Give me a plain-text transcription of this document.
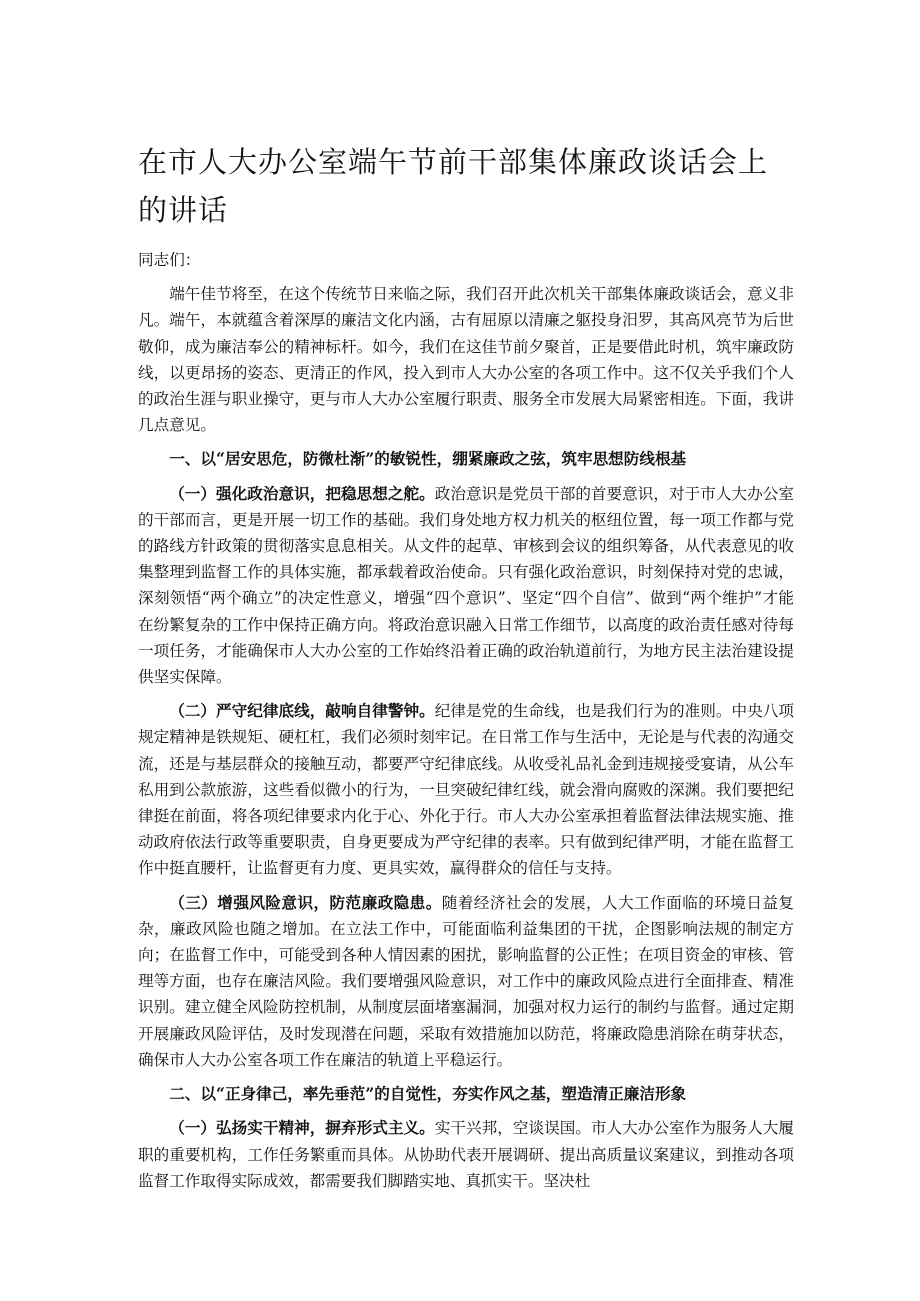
在市人大办公室端午节前干部集体廉政谈话会上的讲话

同志们：

端午佳节将至，在这个传统节日来临之际，我们召开此次机关干部集体廉政谈话会，意义非凡。端午，本就蕴含着深厚的廉洁文化内涵，古有屈原以清廉之躯投身汨罗，其高风亮节为后世敬仰，成为廉洁奉公的精神标杆。如今，我们在这佳节前夕聚首，正是要借此时机，筑牢廉政防线，以更昂扬的姿态、更清正的作风，投入到市人大办公室的各项工作中。这不仅关乎我们个人的政治生涯与职业操守，更与市人大办公室履行职责、服务全市发展大局紧密相连。下面，我讲几点意见。

一、以“居安思危，防微杜渐”的敏锐性，绷紧廉政之弦，筑牢思想防线根基

（一）强化政治意识，把稳思想之舵。政治意识是党员干部的首要意识，对于市人大办公室的干部而言，更是开展一切工作的基础。我们身处地方权力机关的枢纽位置，每一项工作都与党的路线方针政策的贯彻落实息息相关。从文件的起草、审核到会议的组织筹备，从代表意见的收集整理到监督工作的具体实施，都承载着政治使命。只有强化政治意识，时刻保持对党的忠诚，深刻领悟“两个确立”的决定性意义，增强“四个意识”、坚定“四个自信”、做到“两个维护”才能在纷繁复杂的工作中保持正确方向。将政治意识融入日常工作细节，以高度的政治责任感对待每一项任务，才能确保市人大办公室的工作始终沿着正确的政治轨道前行，为地方民主法治建设提供坚实保障。

（二）严守纪律底线，敲响自律警钟。纪律是党的生命线，也是我们行为的准则。中央八项规定精神是铁规矩、硬杠杠，我们必须时刻牢记。在日常工作与生活中，无论是与代表的沟通交流，还是与基层群众的接触互动，都要严守纪律底线。从收受礼品礼金到违规接受宴请，从公车私用到公款旅游，这些看似微小的行为，一旦突破纪律红线，就会滑向腐败的深渊。我们要把纪律挺在前面，将各项纪律要求内化于心、外化于行。市人大办公室承担着监督法律法规实施、推动政府依法行政等重要职责，自身更要成为严守纪律的表率。只有做到纪律严明，才能在监督工作中挺直腰杆，让监督更有力度、更具实效，赢得群众的信任与支持。

（三）增强风险意识，防范廉政隐患。随着经济社会的发展，人大工作面临的环境日益复杂，廉政风险也随之增加。在立法工作中，可能面临利益集团的干扰，企图影响法规的制定方向；在监督工作中，可能受到各种人情因素的困扰，影响监督的公正性；在项目资金的审核、管理等方面，也存在廉洁风险。我们要增强风险意识，对工作中的廉政风险点进行全面排查、精准识别。建立健全风险防控机制，从制度层面堵塞漏洞，加强对权力运行的制约与监督。通过定期开展廉政风险评估，及时发现潜在问题，采取有效措施加以防范，将廉政隐患消除在萌芽状态，确保市人大办公室各项工作在廉洁的轨道上平稳运行。

二、以“正身律己，率先垂范”的自觉性，夯实作风之基，塑造清正廉洁形象

（一）弘扬实干精神，摒弃形式主义。实干兴邦，空谈误国。市人大办公室作为服务人大履职的重要机构，工作任务繁重而具体。从协助代表开展调研、提出高质量议案建议，到推动各项监督工作取得实际成效，都需要我们脚踏实地、真抓实干。坚决杜
